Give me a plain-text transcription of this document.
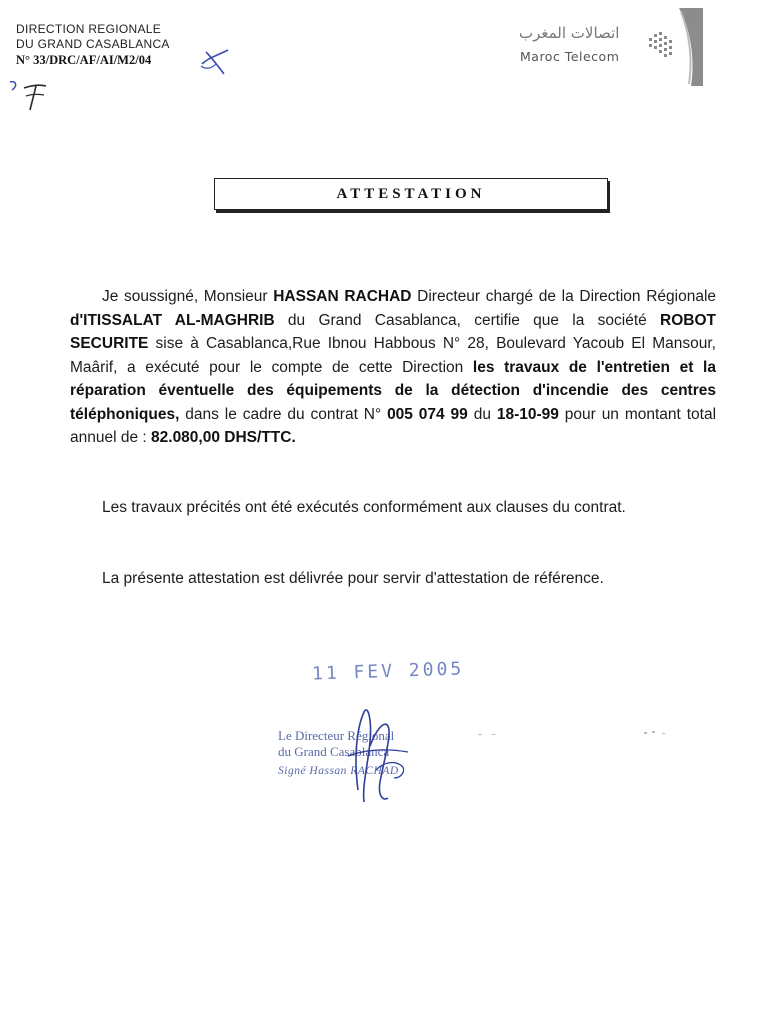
DIRECTION REGIONALE
DU GRAND CASABLANCA
N° 33/DRC/AF/AI/M2/04
اتصالات المغرب
Maroc Telecom
ATTESTATION
Je soussigné, Monsieur HASSAN RACHAD Directeur chargé de la Direction Régionale d'ITISSALAT AL-MAGHRIB du Grand Casablanca, certifie que la société ROBOT SECURITE sise à Casablanca,Rue Ibnou Habbous N° 28, Boulevard Yacoub El Mansour, Maârif, a exécuté pour le compte de cette Direction les travaux de l'entretien et la réparation éventuelle des équipements de la détection d'incendie des centres téléphoniques, dans le cadre du contrat N° 005 074 99 du 18-10-99 pour un montant total annuel de : 82.080,00 DHS/TTC.
Les travaux précités ont été exécutés conformément aux clauses du contrat.
La présente attestation est délivrée pour servir d'attestation de référence.
11 FEV 2005
Le Directeur Régional
du Grand Casablanca
Signé Hassan RACHAD
